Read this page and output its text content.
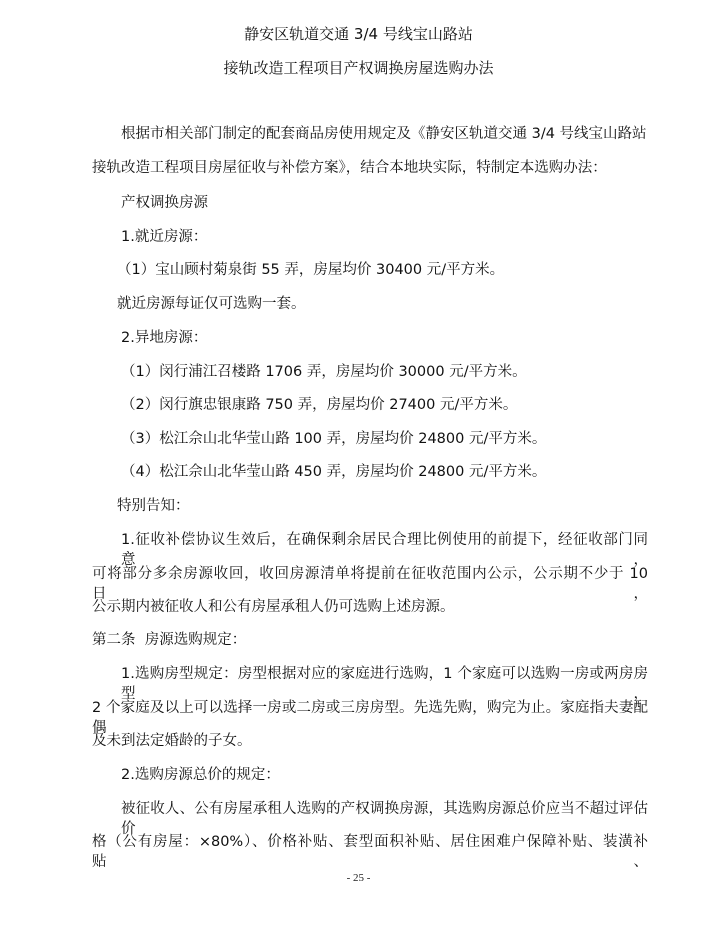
静安区轨道交通 3/4 号线宝山路站
接轨改造工程项目产权调换房屋选购办法
根据市相关部门制定的配套商品房使用规定及《静安区轨道交通 3/4 号线宝山路站
接轨改造工程项目房屋征收与补偿方案》，结合本地块实际，特制定本选购办法：
产权调换房源
1.就近房源：
（1）宝山顾村菊泉街 55 弄，房屋均价 30400 元/平方米。
就近房源每证仅可选购一套。
2.异地房源：
（1）闵行浦江召楼路 1706 弄，房屋均价 30000 元/平方米。
（2）闵行旗忠银康路 750 弄，房屋均价 27400 元/平方米。
（3）松江佘山北华莹山路 100 弄，房屋均价 24800 元/平方米。
（4）松江佘山北华莹山路 450 弄，房屋均价 24800 元/平方米。
特别告知：
1.征收补偿协议生效后，在确保剩余居民合理比例使用的前提下，经征收部门同意，
可将部分多余房源收回，收回房源清单将提前在征收范围内公示，公示期不少于 10 日，
公示期内被征收人和公有房屋承租人仍可选购上述房源。
第二条  房源选购规定：
1.选购房型规定：房型根据对应的家庭进行选购，1 个家庭可以选购一房或两房房型，
2 个家庭及以上可以选择一房或二房或三房房型。先选先购，购完为止。家庭指夫妻配偶
及未到法定婚龄的子女。
2.选购房源总价的规定：
被征收人、公有房屋承租人选购的产权调换房源，其选购房源总价应当不超过评估价
格（公有房屋：×80%）、价格补贴、套型面积补贴、居住困难户保障补贴、装潢补贴、
- 25 -
